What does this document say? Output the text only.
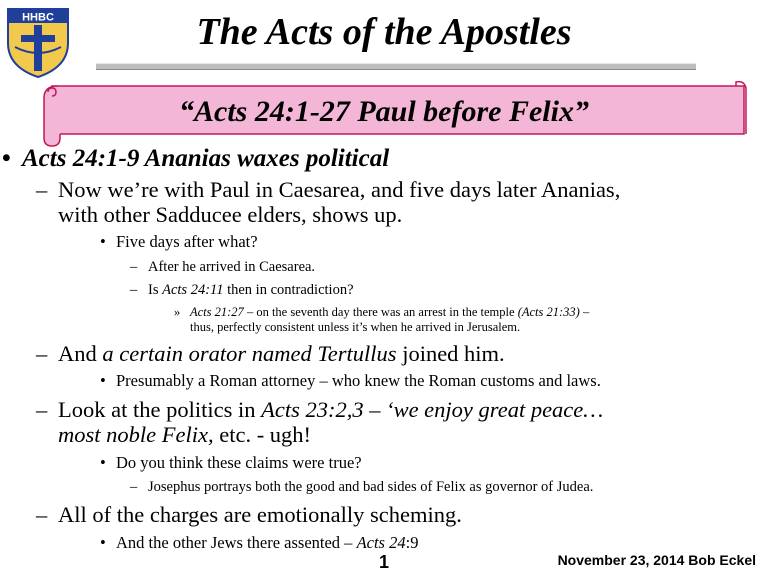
HHBC	The Acts of the Apostles
“Acts 24:1-27 Paul before Felix”
• Acts 24:1-9 Ananias waxes political
– Now we’re with Paul in Caesarea, and five days later Ananias,
with other Sadducee elders, shows up.
• Five days after what?
– After he arrived in Caesarea.
– Is Acts 24:11 then in contradiction?
» Acts 21:27 – on the seventh day there was an arrest in the temple (Acts 21:33) –
thus, perfectly consistent unless it’s when he arrived in Jerusalem.
– And a certain orator named Tertullus joined him.
• Presumably a Roman attorney – who knew the Roman customs and laws.
– Look at the politics in Acts 23:2,3 – ‘we enjoy great peace…
most noble Felix, etc. - ugh!
• Do you think these claims were true?
– Josephus portrays both the good and bad sides of Felix as governor of Judea.
– All of the charges are emotionally scheming.
• And the other Jews there assented – Acts 24:9
1	November 23, 2014 Bob Eckel
